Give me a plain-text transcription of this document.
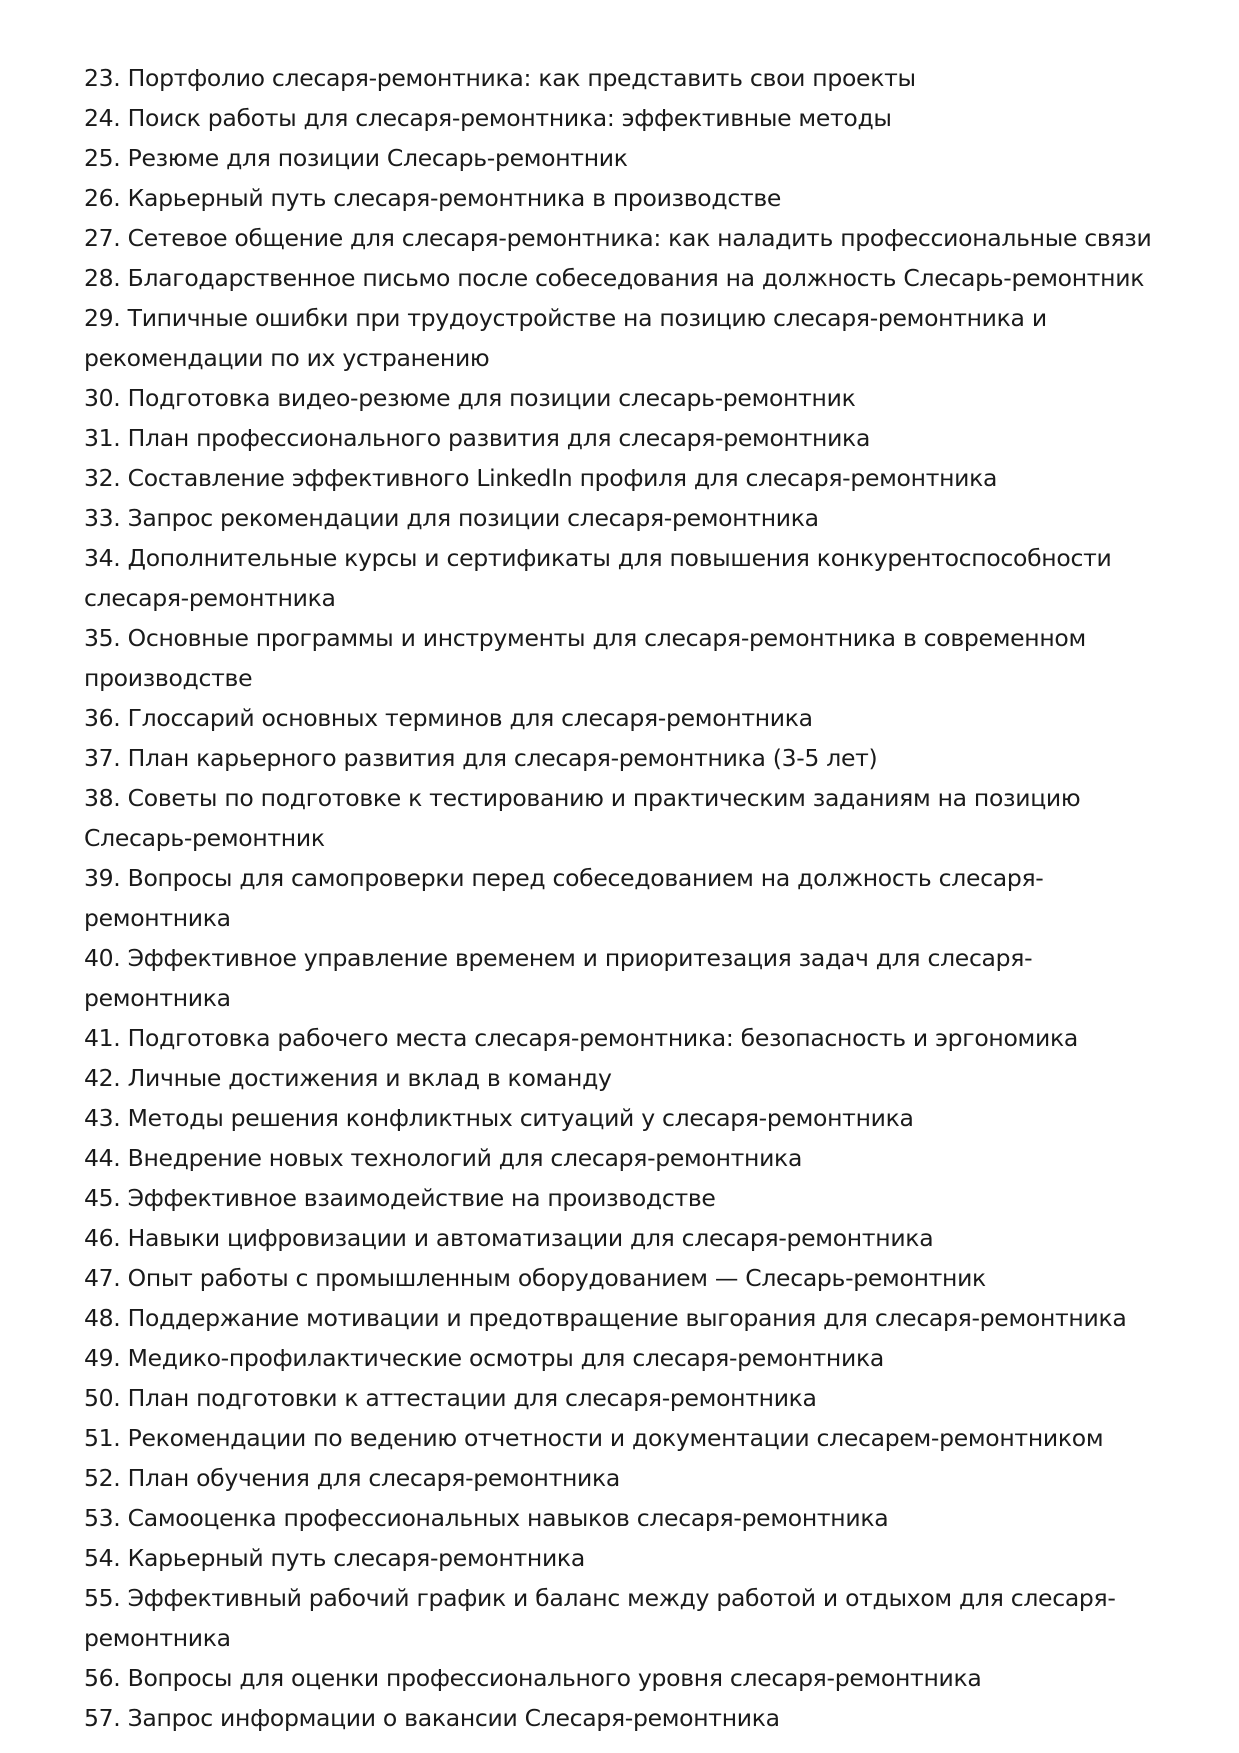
23. Портфолио слесаря-ремонтника: как представить свои проекты
24. Поиск работы для слесаря-ремонтника: эффективные методы
25. Резюме для позиции Слесарь-ремонтник
26. Карьерный путь слесаря-ремонтника в производстве
27. Сетевое общение для слесаря-ремонтника: как наладить профессиональные связи
28. Благодарственное письмо после собеседования на должность Слесарь-ремонтник
29. Типичные ошибки при трудоустройстве на позицию слесаря-ремонтника и рекомендации по их устранению
30. Подготовка видео-резюме для позиции слесарь-ремонтник
31. План профессионального развития для слесаря-ремонтника
32. Составление эффективного LinkedIn профиля для слесаря-ремонтника
33. Запрос рекомендации для позиции слесаря-ремонтника
34. Дополнительные курсы и сертификаты для повышения конкурентоспособности слесаря-ремонтника
35. Основные программы и инструменты для слесаря-ремонтника в современном производстве
36. Глоссарий основных терминов для слесаря-ремонтника
37. План карьерного развития для слесаря-ремонтника (3-5 лет)
38. Советы по подготовке к тестированию и практическим заданиям на позицию Слесарь-ремонтник
39. Вопросы для самопроверки перед собеседованием на должность слесаря-ремонтника
40. Эффективное управление временем и приоритезация задач для слесаря-ремонтника
41. Подготовка рабочего места слесаря-ремонтника: безопасность и эргономика
42. Личные достижения и вклад в команду
43. Методы решения конфликтных ситуаций у слесаря-ремонтника
44. Внедрение новых технологий для слесаря-ремонтника
45. Эффективное взаимодействие на производстве
46. Навыки цифровизации и автоматизации для слесаря-ремонтника
47. Опыт работы с промышленным оборудованием — Слесарь-ремонтник
48. Поддержание мотивации и предотвращение выгорания для слесаря-ремонтника
49. Медико-профилактические осмотры для слесаря-ремонтника
50. План подготовки к аттестации для слесаря-ремонтника
51. Рекомендации по ведению отчетности и документации слесарем-ремонтником
52. План обучения для слесаря-ремонтника
53. Самооценка профессиональных навыков слесаря-ремонтника
54. Карьерный путь слесаря-ремонтника
55. Эффективный рабочий график и баланс между работой и отдыхом для слесаря-ремонтника
56. Вопросы для оценки профессионального уровня слесаря-ремонтника
57. Запрос информации о вакансии Слесаря-ремонтника
